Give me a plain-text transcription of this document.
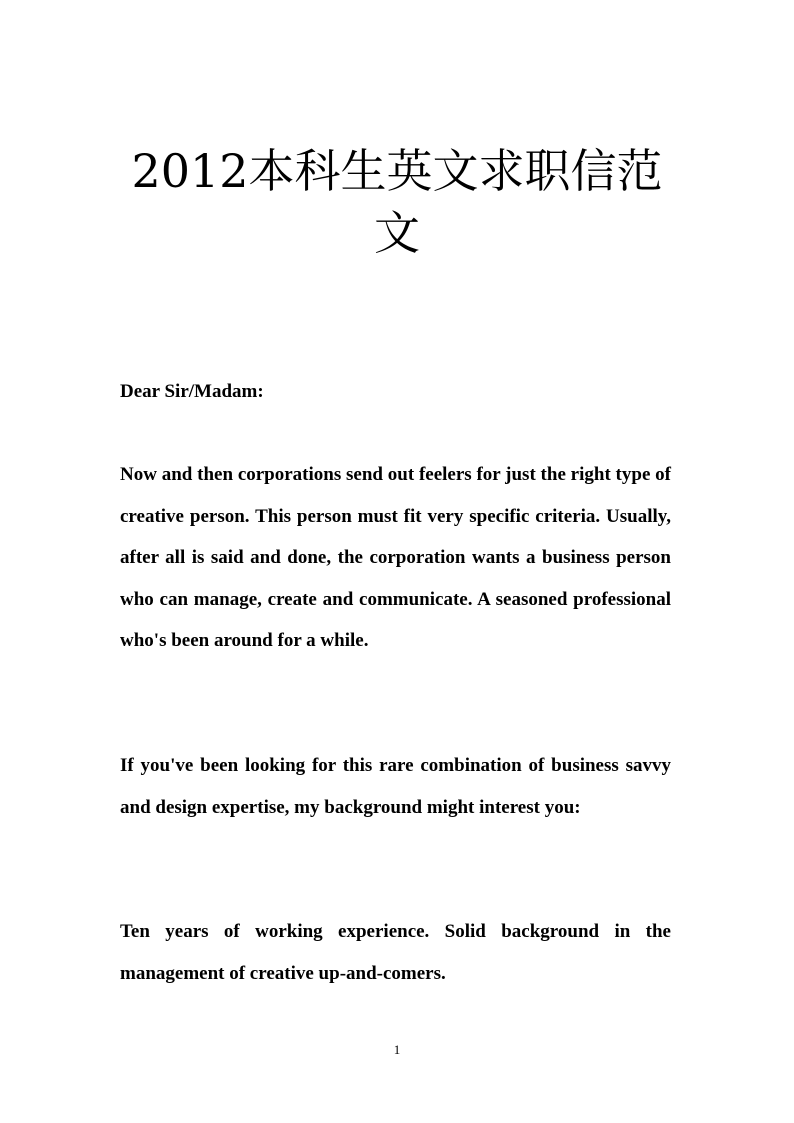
2012本科生英文求职信范
文

Dear Sir/Madam:

Now and then corporations send out feelers for just the right type of creative person. This person must fit very specific criteria. Usually, after all is said and done, the corporation wants a business person who can manage, create and communicate. A seasoned professional who's been around for a while.

If you've been looking for this rare combination of business savvy and design expertise, my background might interest you:

Ten years of working experience. Solid background in the management of creative up-and-comers.

1
